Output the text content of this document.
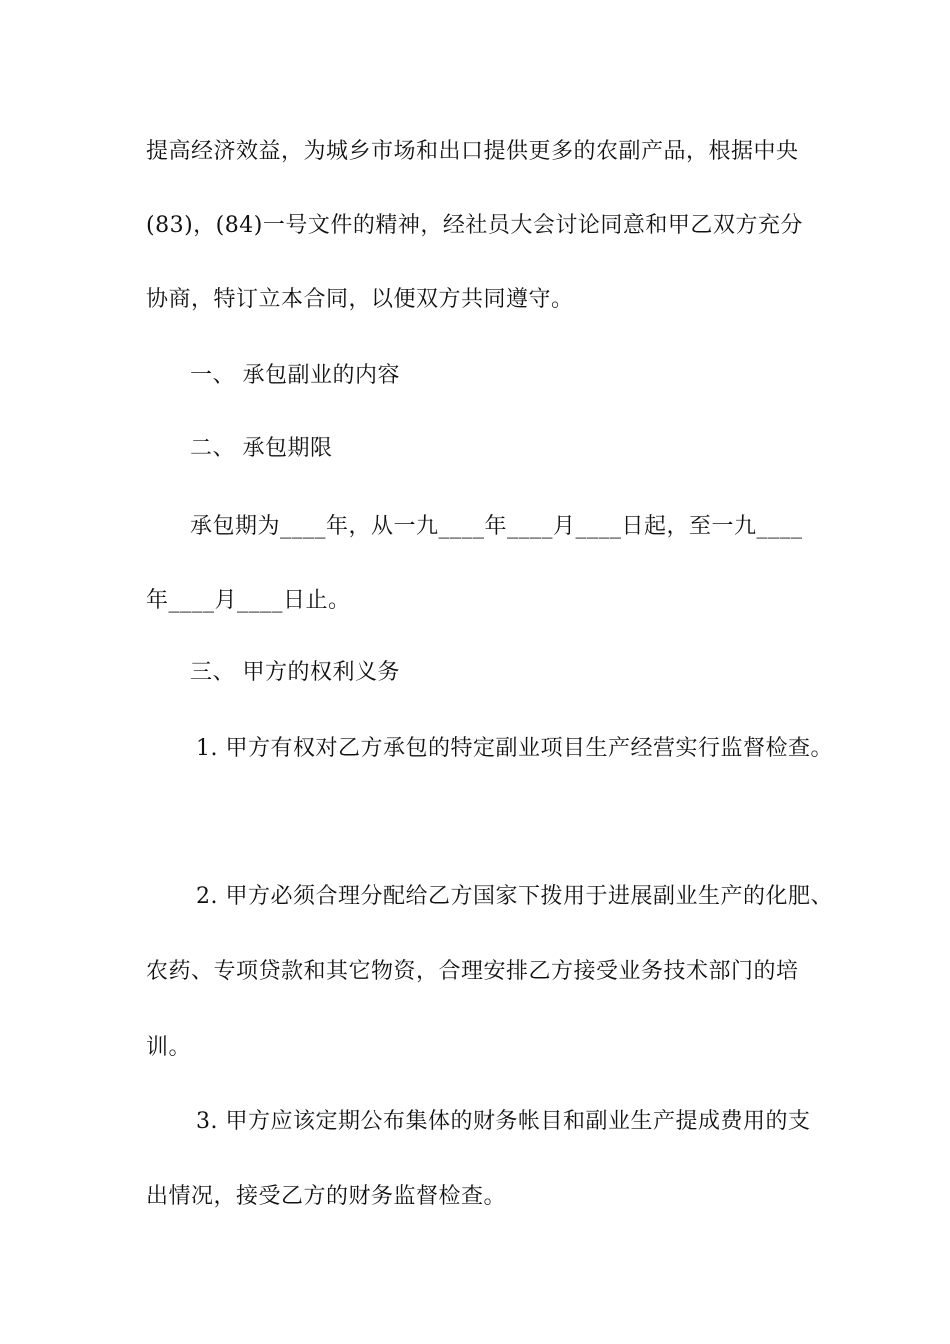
提高经济效益，为城乡市场和出口提供更多的农副产品，根据中央
(83)，(84)一号文件的精神，经社员大会讨论同意和甲乙双方充分
协商，特订立本合同，以便双方共同遵守。
一、 承包副业的内容
二、 承包期限
承包期为____年，从一九____年____月____日起，至一九____
年____月____日止。
三、 甲方的权利义务
1. 甲方有权对乙方承包的特定副业项目生产经营实行监督检查。
2. 甲方必须合理分配给乙方国家下拨用于进展副业生产的化肥、
农药、专项贷款和其它物资，合理安排乙方接受业务技术部门的培
训。
3. 甲方应该定期公布集体的财务帐目和副业生产提成费用的支
出情况，接受乙方的财务监督检查。
